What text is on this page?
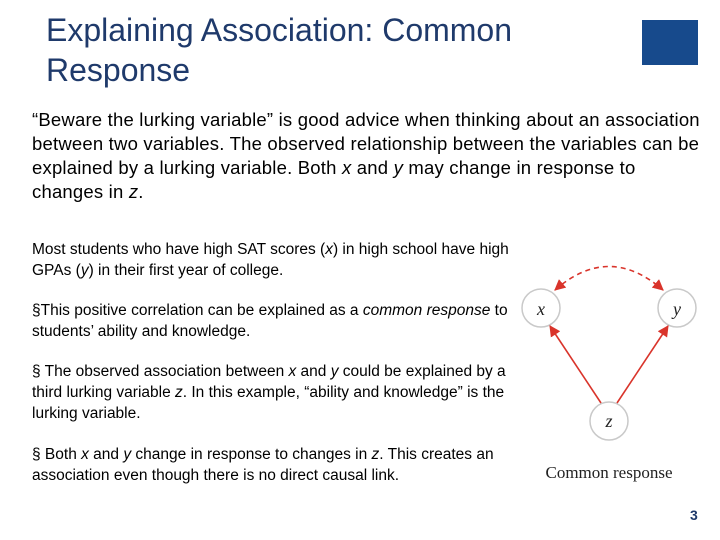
Explaining Association: Common
Response
“Beware the lurking variable” is good advice when thinking about an association between two variables. The observed relationship between the variables can be explained by a lurking variable. Both x and y may change in response to changes in z.
Most students who have high SAT scores (x) in high school have high GPAs (y) in their first year of college.
§This positive correlation can be explained as a common response to students’ ability and knowledge.
§ The observed association between x and y could be explained by a third lurking variable z. In this example, “ability and knowledge” is the lurking variable.
§ Both x and y change in response to changes in z. This creates an association even though there is no direct causal link.
x	y
z
Common response
3
